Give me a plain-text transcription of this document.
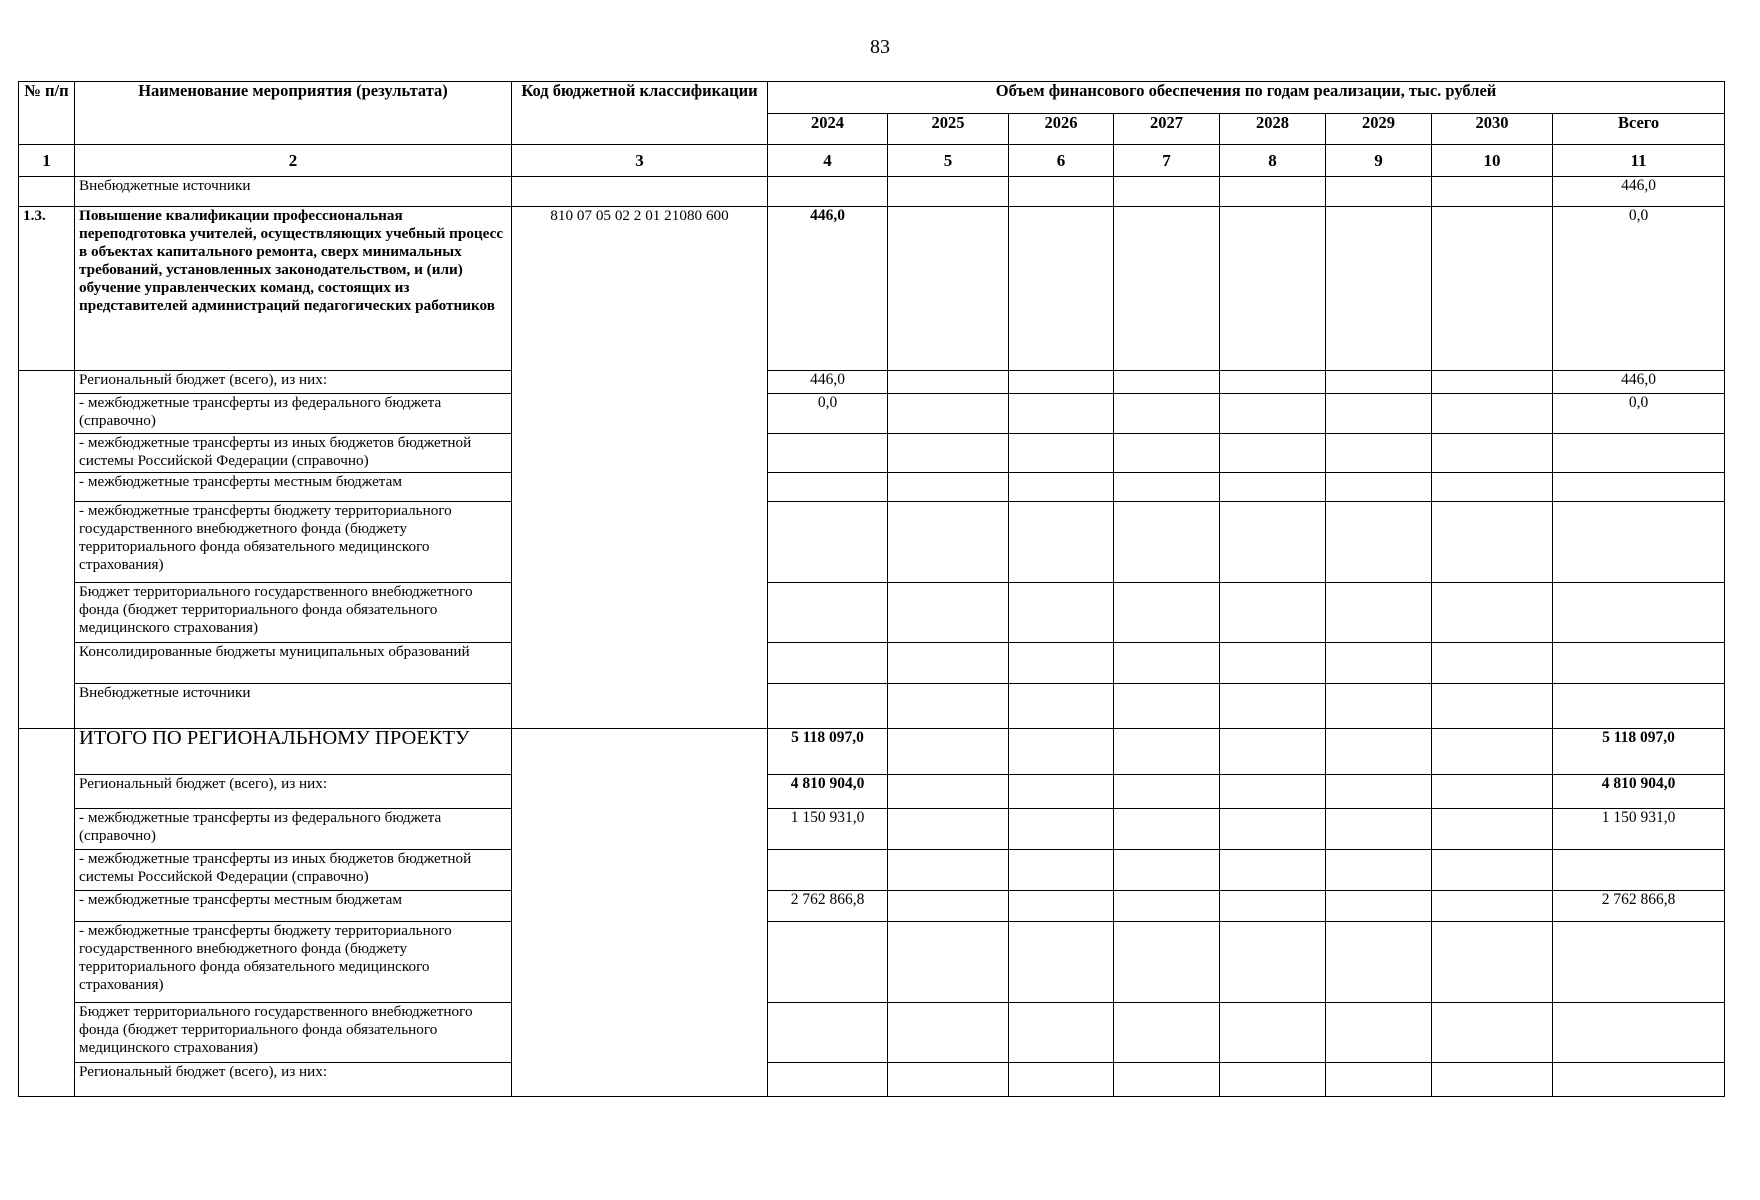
83
№ п/п	Наименование мероприятия (результата)	Код бюджетной классификации	Объем финансового обеспечения по годам реализации, тыс. рублей							
			2024	2025	2026	2027	2028	2029	2030	Всего
1	2	3	4	5	6	7	8	9	10	11
	Внебюджетные источники									446,0
1.3.	Повышение квалификации профессиональная переподготовка учителей, осуществляющих учебный процесс в объектах капитального ремонта, сверх минимальных требований, установленных законодательством, и (или) обучение управленческих команд, состоящих из представителей администраций педагогических работников	810 07 05 02 2 01 21080 600	446,0							0,0
	Региональный бюджет (всего), из них:		446,0							446,0
	- межбюджетные трансферты из федерального бюджета (справочно)		0,0							0,0
	- межбюджетные трансферты из иных бюджетов бюджетной системы Российской Федерации (справочно)									
	- межбюджетные трансферты местным бюджетам									
	- межбюджетные трансферты бюджету территориального государственного внебюджетного фонда (бюджету территориального фонда обязательного медицинского страхования)									
	Бюджет территориального государственного внебюджетного фонда (бюджет территориального фонда обязательного медицинского страхования)									
	Консолидированные бюджеты муниципальных образований									
	Внебюджетные источники									
	ИТОГО ПО РЕГИОНАЛЬНОМУ ПРОЕКТУ		5 118 097,0							5 118 097,0
	Региональный бюджет (всего), из них:		4 810 904,0							4 810 904,0
	- межбюджетные трансферты из федерального бюджета (справочно)		1 150 931,0							1 150 931,0
	- межбюджетные трансферты из иных бюджетов бюджетной системы Российской Федерации (справочно)									
	- межбюджетные трансферты местным бюджетам		2 762 866,8							2 762 866,8
	- межбюджетные трансферты бюджету территориального государственного внебюджетного фонда (бюджету территориального фонда обязательного медицинского страхования)									
	Бюджет территориального государственного внебюджетного фонда (бюджет территориального фонда обязательного медицинского страхования)									
	Региональный бюджет (всего), из них:									
